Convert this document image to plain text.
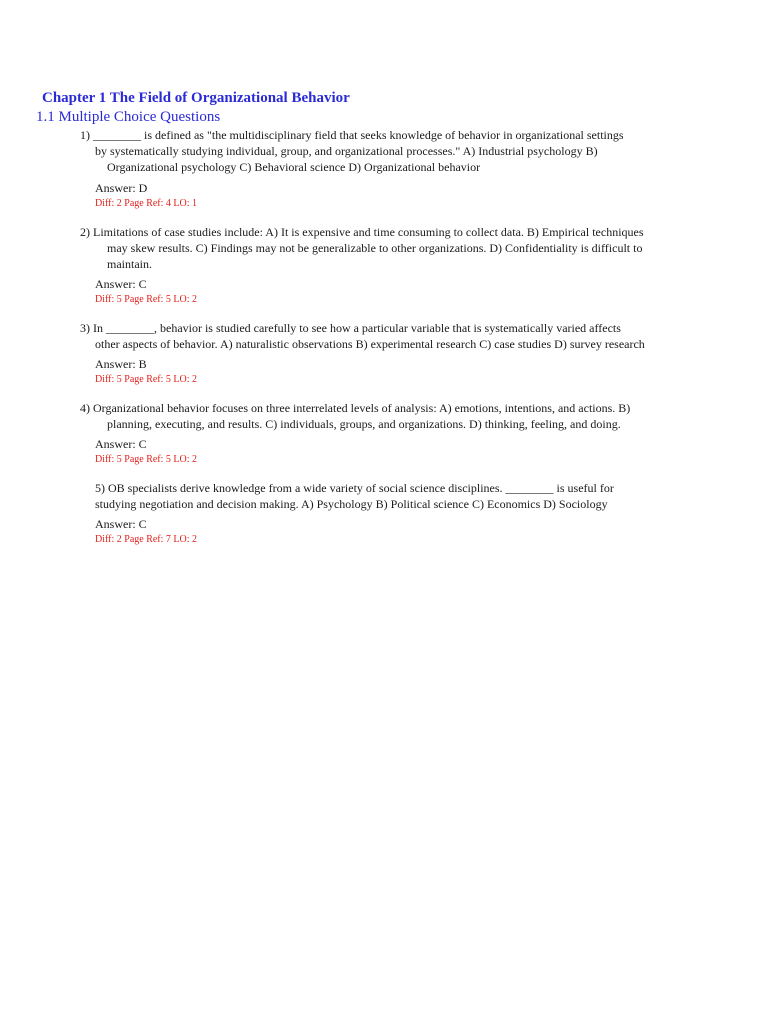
Chapter 1 The Field of Organizational Behavior
1.1 Multiple Choice Questions

1) ________ is defined as "the multidisciplinary field that seeks knowledge of behavior in organizational settings
by systematically studying individual, group, and organizational processes." A) Industrial psychology B)
Organizational psychology C) Behavioral science D) Organizational behavior

Answer: D
Diff: 2 Page Ref: 4 LO: 1

2) Limitations of case studies include: A) It is expensive and time consuming to collect data. B) Empirical techniques
may skew results. C) Findings may not be generalizable to other organizations. D) Confidentiality is difficult to
maintain.

Answer: C
Diff: 5 Page Ref: 5 LO: 2

3) In ________, behavior is studied carefully to see how a particular variable that is systematically varied affects
other aspects of behavior. A) naturalistic observations B) experimental research C) case studies D) survey research

Answer: B
Diff: 5 Page Ref: 5 LO: 2

4) Organizational behavior focuses on three interrelated levels of analysis: A) emotions, intentions, and actions. B)
planning, executing, and results. C) individuals, groups, and organizations. D) thinking, feeling, and doing.

Answer: C
Diff: 5 Page Ref: 5 LO: 2

5) OB specialists derive knowledge from a wide variety of social science disciplines. ________ is useful for
studying negotiation and decision making. A) Psychology B) Political science C) Economics D) Sociology

Answer: C
Diff: 2 Page Ref: 7 LO: 2
